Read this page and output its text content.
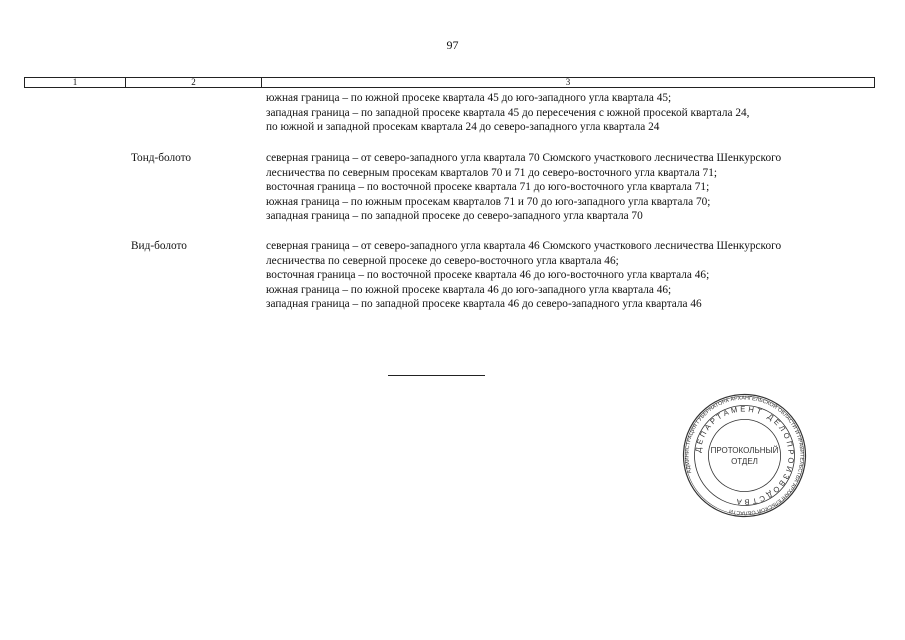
97
1	2	3
южная граница – по южной просеке квартала 45 до юго-западного угла квартала 45;
западная граница – по западной просеке квартала 45 до пересечения с южной просекой квартала 24,
по южной и западной просекам квартала 24 до северо-западного угла квартала 24
Тонд-болото	северная граница – от северо-западного угла квартала 70 Сюмского участкового лесничества Шенкурского
лесничества по северным просекам кварталов 70 и 71 до северо-восточного угла квартала 71;
восточная граница – по восточной просеке квартала 71 до юго-восточного угла квартала 71;
южная граница – по южным просекам кварталов 71 и 70 до юго-западного угла квартала 70;
западная граница – по западной просеке до северо-западного угла квартала 70
Вид-болото	северная граница – от северо-западного угла квартала 46 Сюмского участкового лесничества Шенкурского
лесничества по северной просеке до северо-восточного угла квартала 46;
восточная граница – по восточной просеке квартала 46 до юго-восточного угла квартала 46;
южная граница – по южной просеке квартала 46 до юго-западного угла квартала 46;
западная граница – по западной просеке квартала 46 до северо-западного угла квартала 46
АДМИНИСТРАЦИЯ ГУБЕРНАТОРА АРХАНГЕЛЬСКОЙ ОБЛАСТИ И ПРАВИТЕЛЬСТВА АРХАНГЕЛЬСКОЙ ОБЛАСТИ
ДЕПАРТАМЕНТ ДЕЛОПРОИЗВОДСТВА
ПРОТОКОЛЬНЫЙ
ОТДЕЛ
